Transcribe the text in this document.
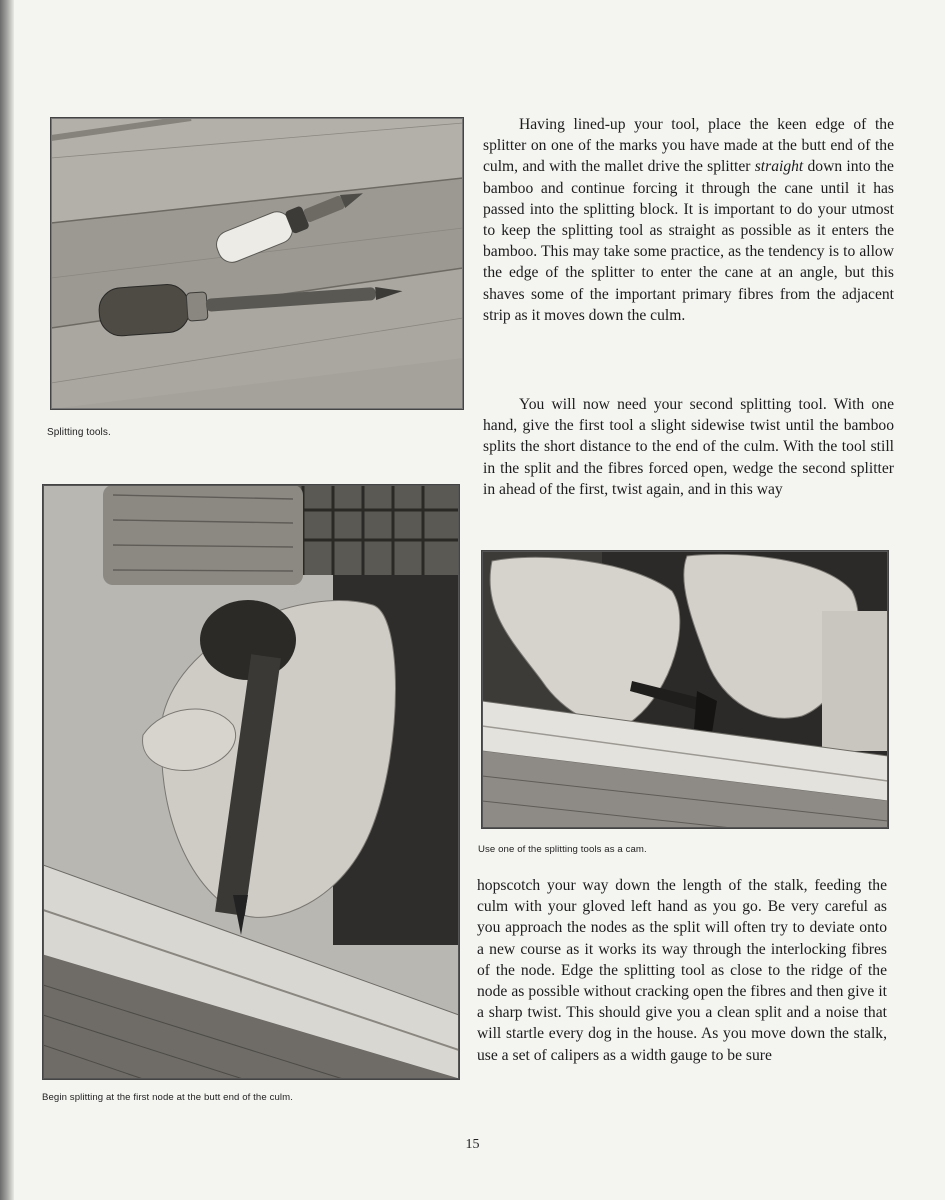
Splitting tools.
Begin splitting at the first node at the butt end of the culm.
Use one of the splitting tools as a cam.

Having lined-up your tool, place the keen edge of the splitter on one of the marks you have made at the butt end of the culm, and with the mallet drive the splitter straight down into the bamboo and continue forcing it through the cane until it has passed into the splitting block. It is important to do your utmost to keep the splitting tool as straight as possible as it enters the bamboo. This may take some practice, as the tendency is to allow the edge of the splitter to enter the cane at an angle, but this shaves some of the important primary fibres from the adjacent strip as it moves down the culm.

You will now need your second splitting tool. With one hand, give the first tool a slight sidewise twist until the bamboo splits the short distance to the end of the culm. With the tool still in the split and the fibres forced open, wedge the second splitter in ahead of the first, twist again, and in this way

hopscotch your way down the length of the stalk, feeding the culm with your gloved left hand as you go. Be very careful as you approach the nodes as the split will often try to deviate onto a new course as it works its way through the interlocking fibres of the node. Edge the splitting tool as close to the ridge of the node as possible without cracking open the fibres and then give it a sharp twist. This should give you a clean split and a noise that will startle every dog in the house. As you move down the stalk, use a set of calipers as a width gauge to be sure

15
